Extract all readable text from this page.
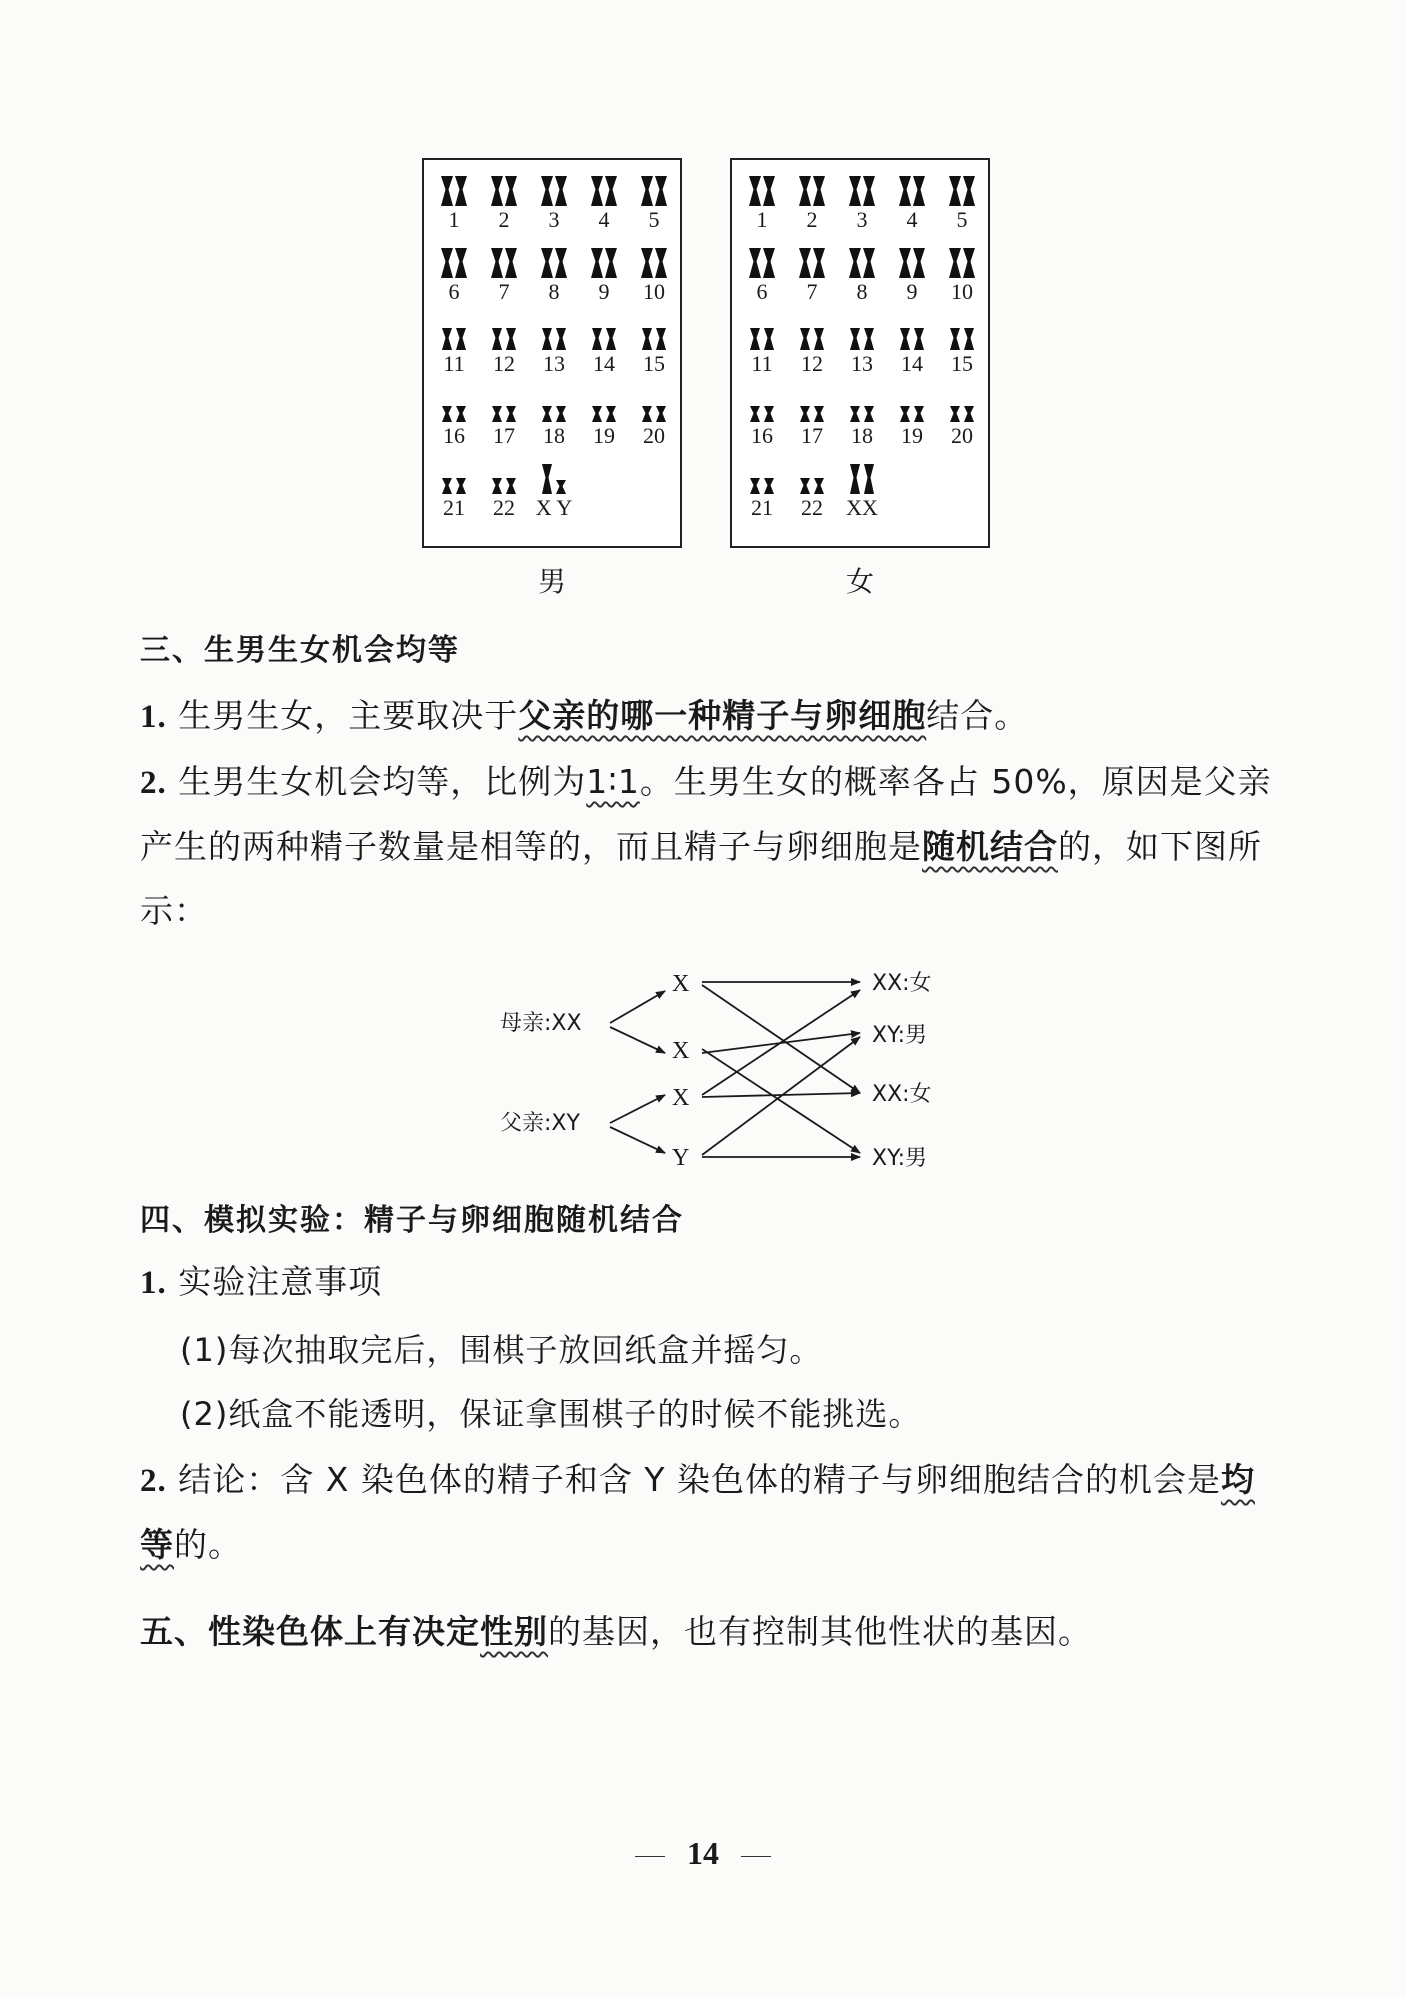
1	2	3	4	5
6	7	8	9	10
11	12	13	14	15
16	17	18	19	20
21	22 X Y
1	2	3	4	5
6	7	8	9	10
11	12	13	14	15
16	17	18	19	20
21	22	XX
男	女
三、生男生女机会均等
1. 生男生女，主要取决于父亲的哪一种精子与卵细胞结合。
2. 生男生女机会均等，比例为1∶1。生男生女的概率各占 50%，原因是父亲产生的两种精子数量是相等的，而且精子与卵细胞是随机结合的，如下图所示：
母亲:XX
父亲:XY
X
X
X
Y
XX:女
XY:男
XX:女
XY:男
四、模拟实验：精子与卵细胞随机结合
1. 实验注意事项
(1)每次抽取完后，围棋子放回纸盒并摇匀。
(2)纸盒不能透明，保证拿围棋子的时候不能挑选。
2. 结论：含 X 染色体的精子和含 Y 染色体的精子与卵细胞结合的机会是均等的。
五、性染色体上有决定性别的基因，也有控制其他性状的基因。
14
